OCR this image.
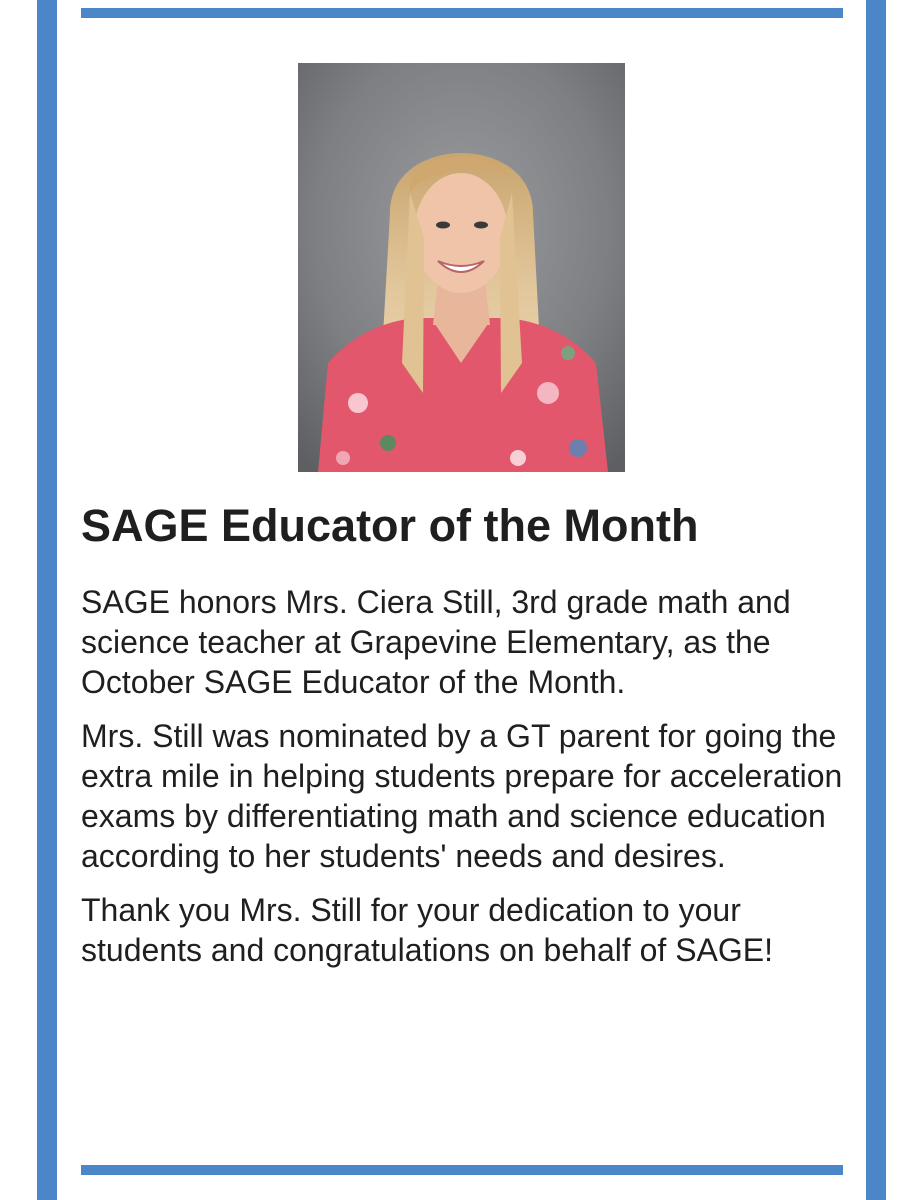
SAGE Educator of the Month

SAGE honors Mrs. Ciera Still, 3rd grade math and science teacher at Grapevine Elementary, as the October SAGE Educator of the Month.

Mrs. Still was nominated by a GT parent for going the extra mile in helping students prepare for acceleration exams by differentiating math and science education according to her students' needs and desires.

Thank you Mrs. Still for your dedication to your students and congratulations on behalf of SAGE!
